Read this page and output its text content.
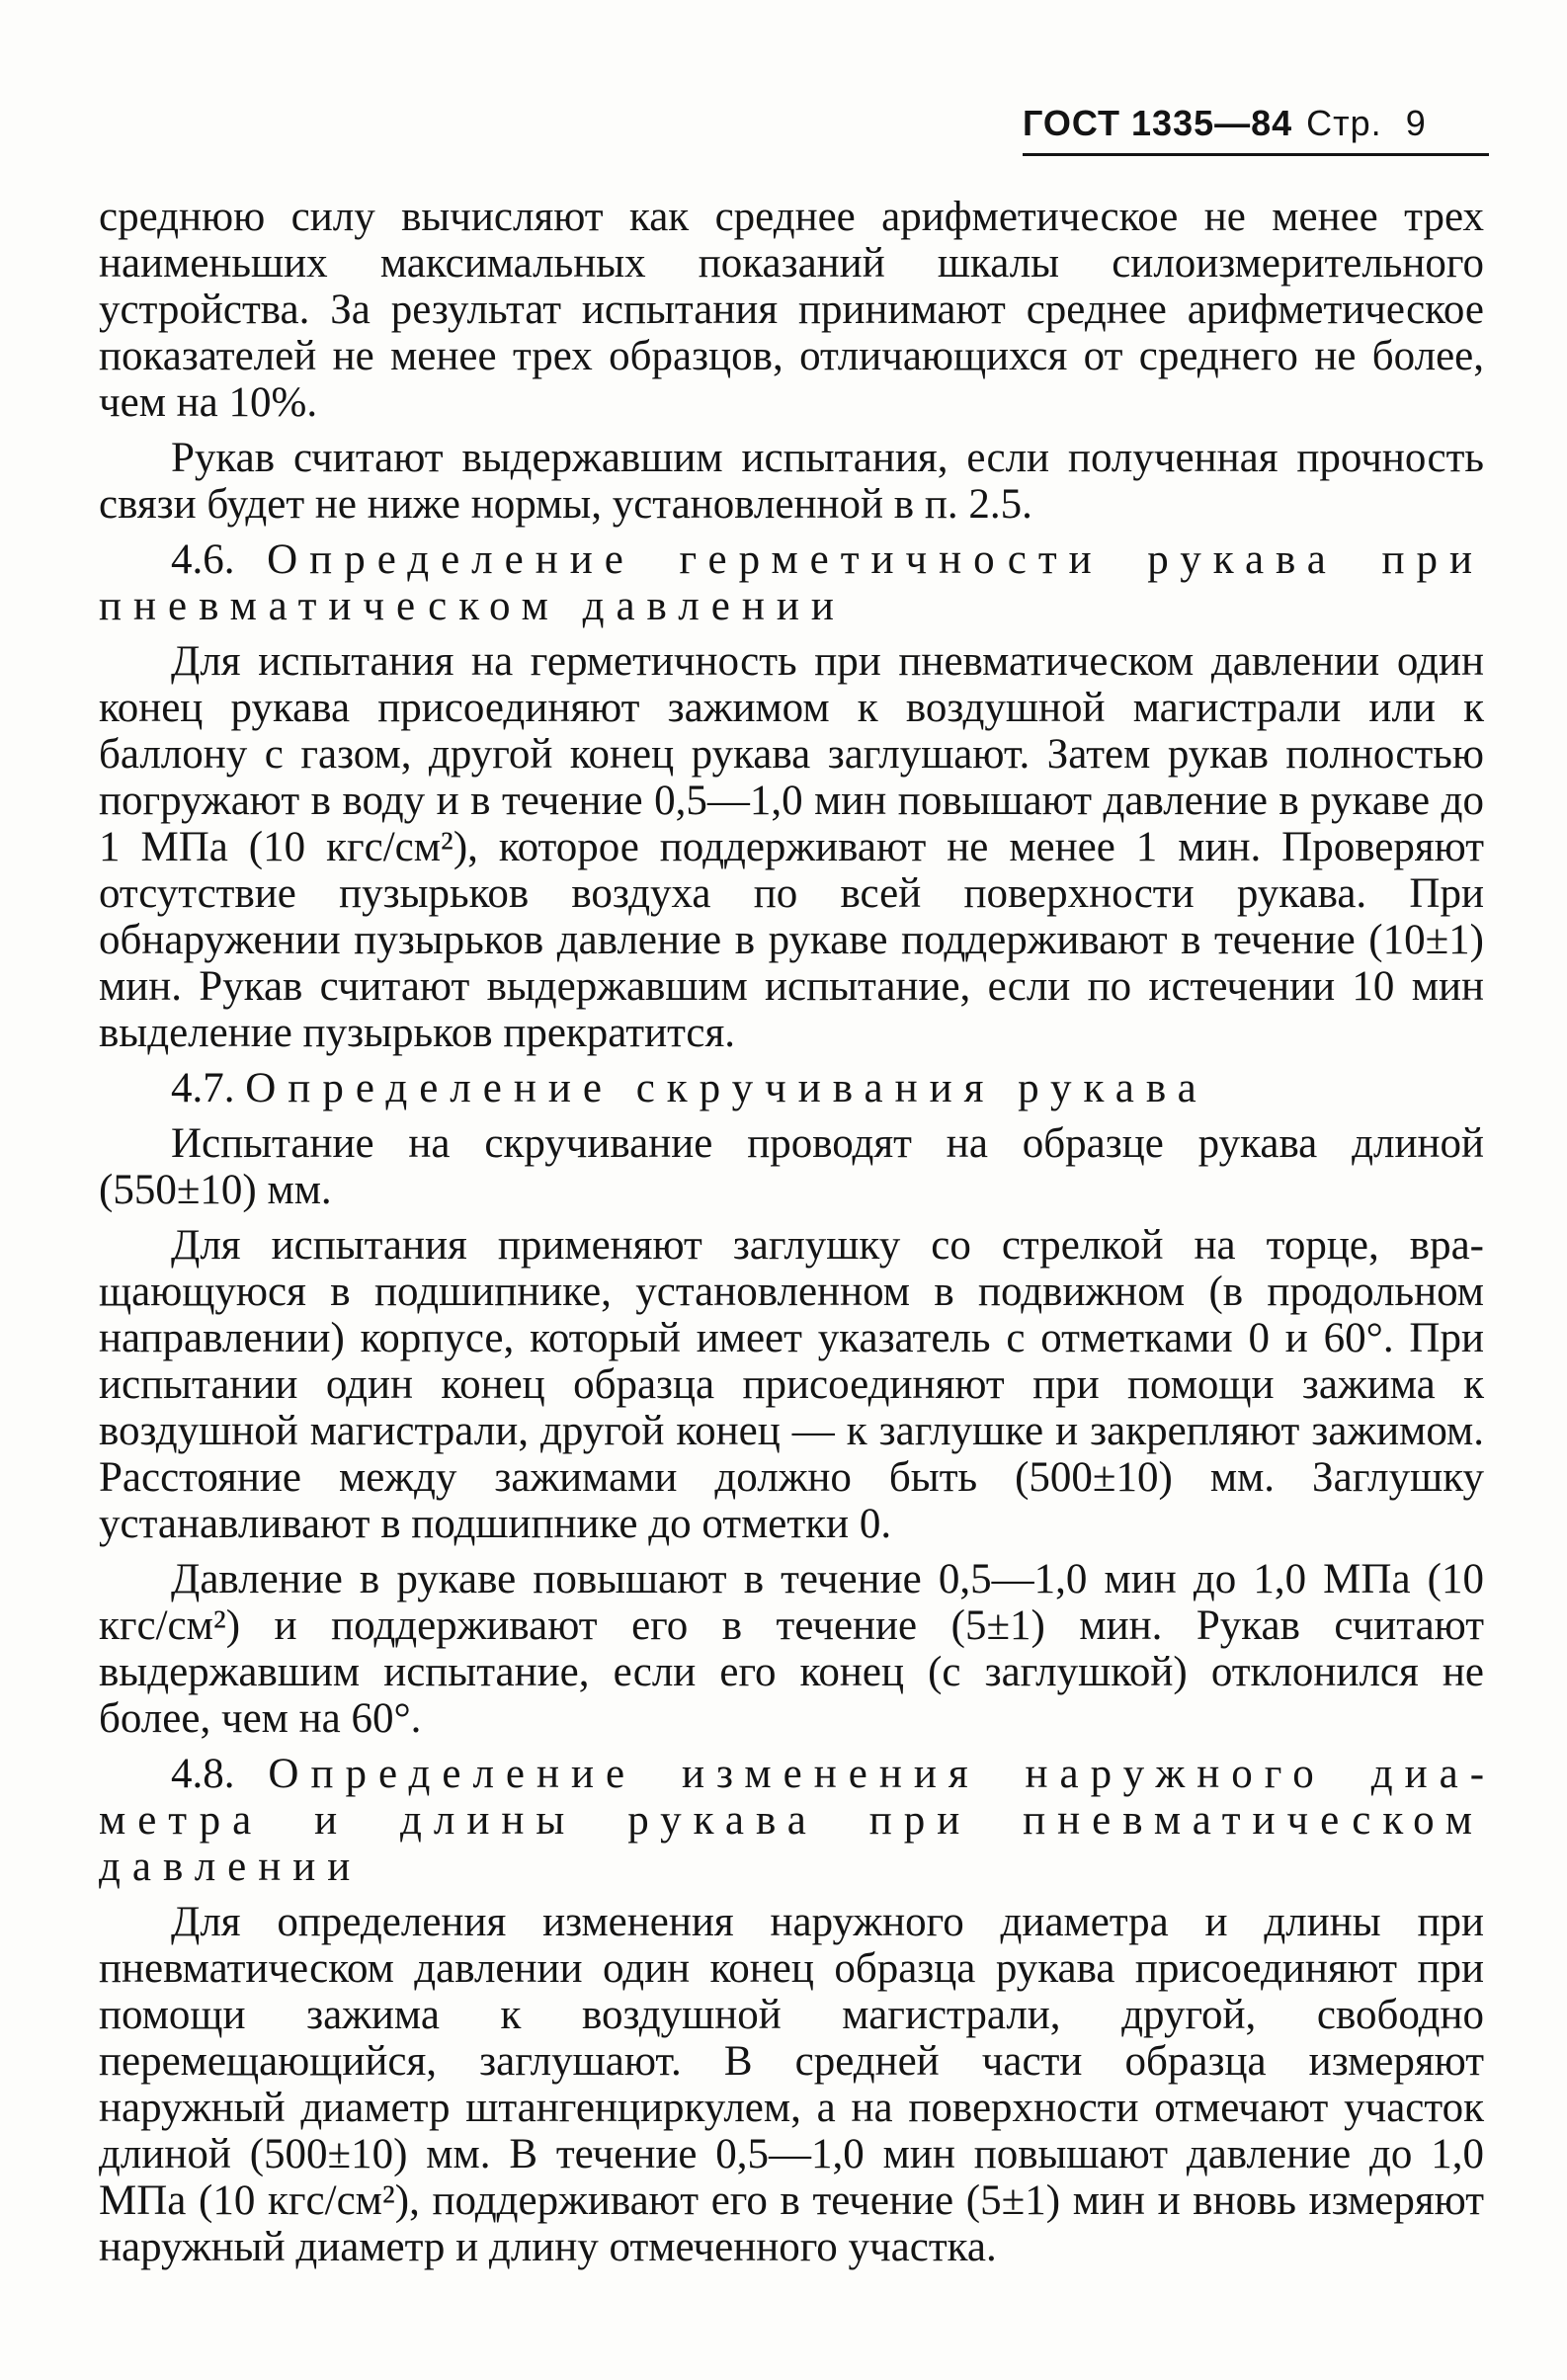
ГОСТ 1335—84 Стр. 9

среднюю силу вычисляют как среднее арифметическое не менее трех наименьших максимальных показаний шкалы силоизмерительного устройства. За результат испытания принимают среднее арифметическое показателей не менее трех образцов, отличающихся от среднего не более, чем на 10%.

Рукав считают выдержавшим испытания, если полученная прочность связи будет не ниже нормы, установленной в п. 2.5.

4.6. Определение герметичности рукава при пневматическом давлении

Для испытания на герметичность при пневматическом давлении один конец рукава присоединяют зажимом к воздушной магистрали или к баллону с газом, другой конец рукава заглушают. Затем рукав полностью погружают в воду и в течение 0,5—1,0 мин повышают давление в рукаве до 1 МПа (10 кгс/см²), которое поддерживают не менее 1 мин. Проверяют отсутствие пузырьков воздуха по всей поверхности рукава. При обнаружении пузырьков давление в рукаве поддерживают в течение (10±1) мин. Рукав считают выдержавшим испытание, если по истечении 10 мин выделение пузырьков прекратится.

4.7. Определение скручивания рукава

Испытание на скручивание проводят на образце рукава длиной (550±10) мм.

Для испытания применяют заглушку со стрелкой на торце, вращающуюся в подшипнике, установленном в подвижном (в продольном направлении) корпусе, который имеет указатель с отметками 0 и 60°. При испытании один конец образца присоединяют при помощи зажима к воздушной магистрали, другой конец — к заглушке и закрепляют зажимом. Расстояние между зажимами должно быть (500±10) мм. Заглушку устанавливают в подшипнике до отметки 0.

Давление в рукаве повышают в течение 0,5—1,0 мин до 1,0 МПа (10 кгс/см²) и поддерживают его в течение (5±1) мин. Рукав считают выдержавшим испытание, если его конец (с заглушкой) отклонился не более, чем на 60°.

4.8. Определение изменения наружного диаметра и длины рукава при пневматическом давлении

Для определения изменения наружного диаметра и длины при пневматическом давлении один конец образца рукава присоединяют при помощи зажима к воздушной магистрали, другой, свободно перемещающийся, заглушают. В средней части образца измеряют наружный диаметр штангенциркулем, а на поверхности отмечают участок длиной (500±10) мм. В течение 0,5—1,0 мин повышают давление до 1,0 МПа (10 кгс/см²), поддерживают его в течение (5±1) мин и вновь измеряют наружный диаметр и длину отмеченного участка.
